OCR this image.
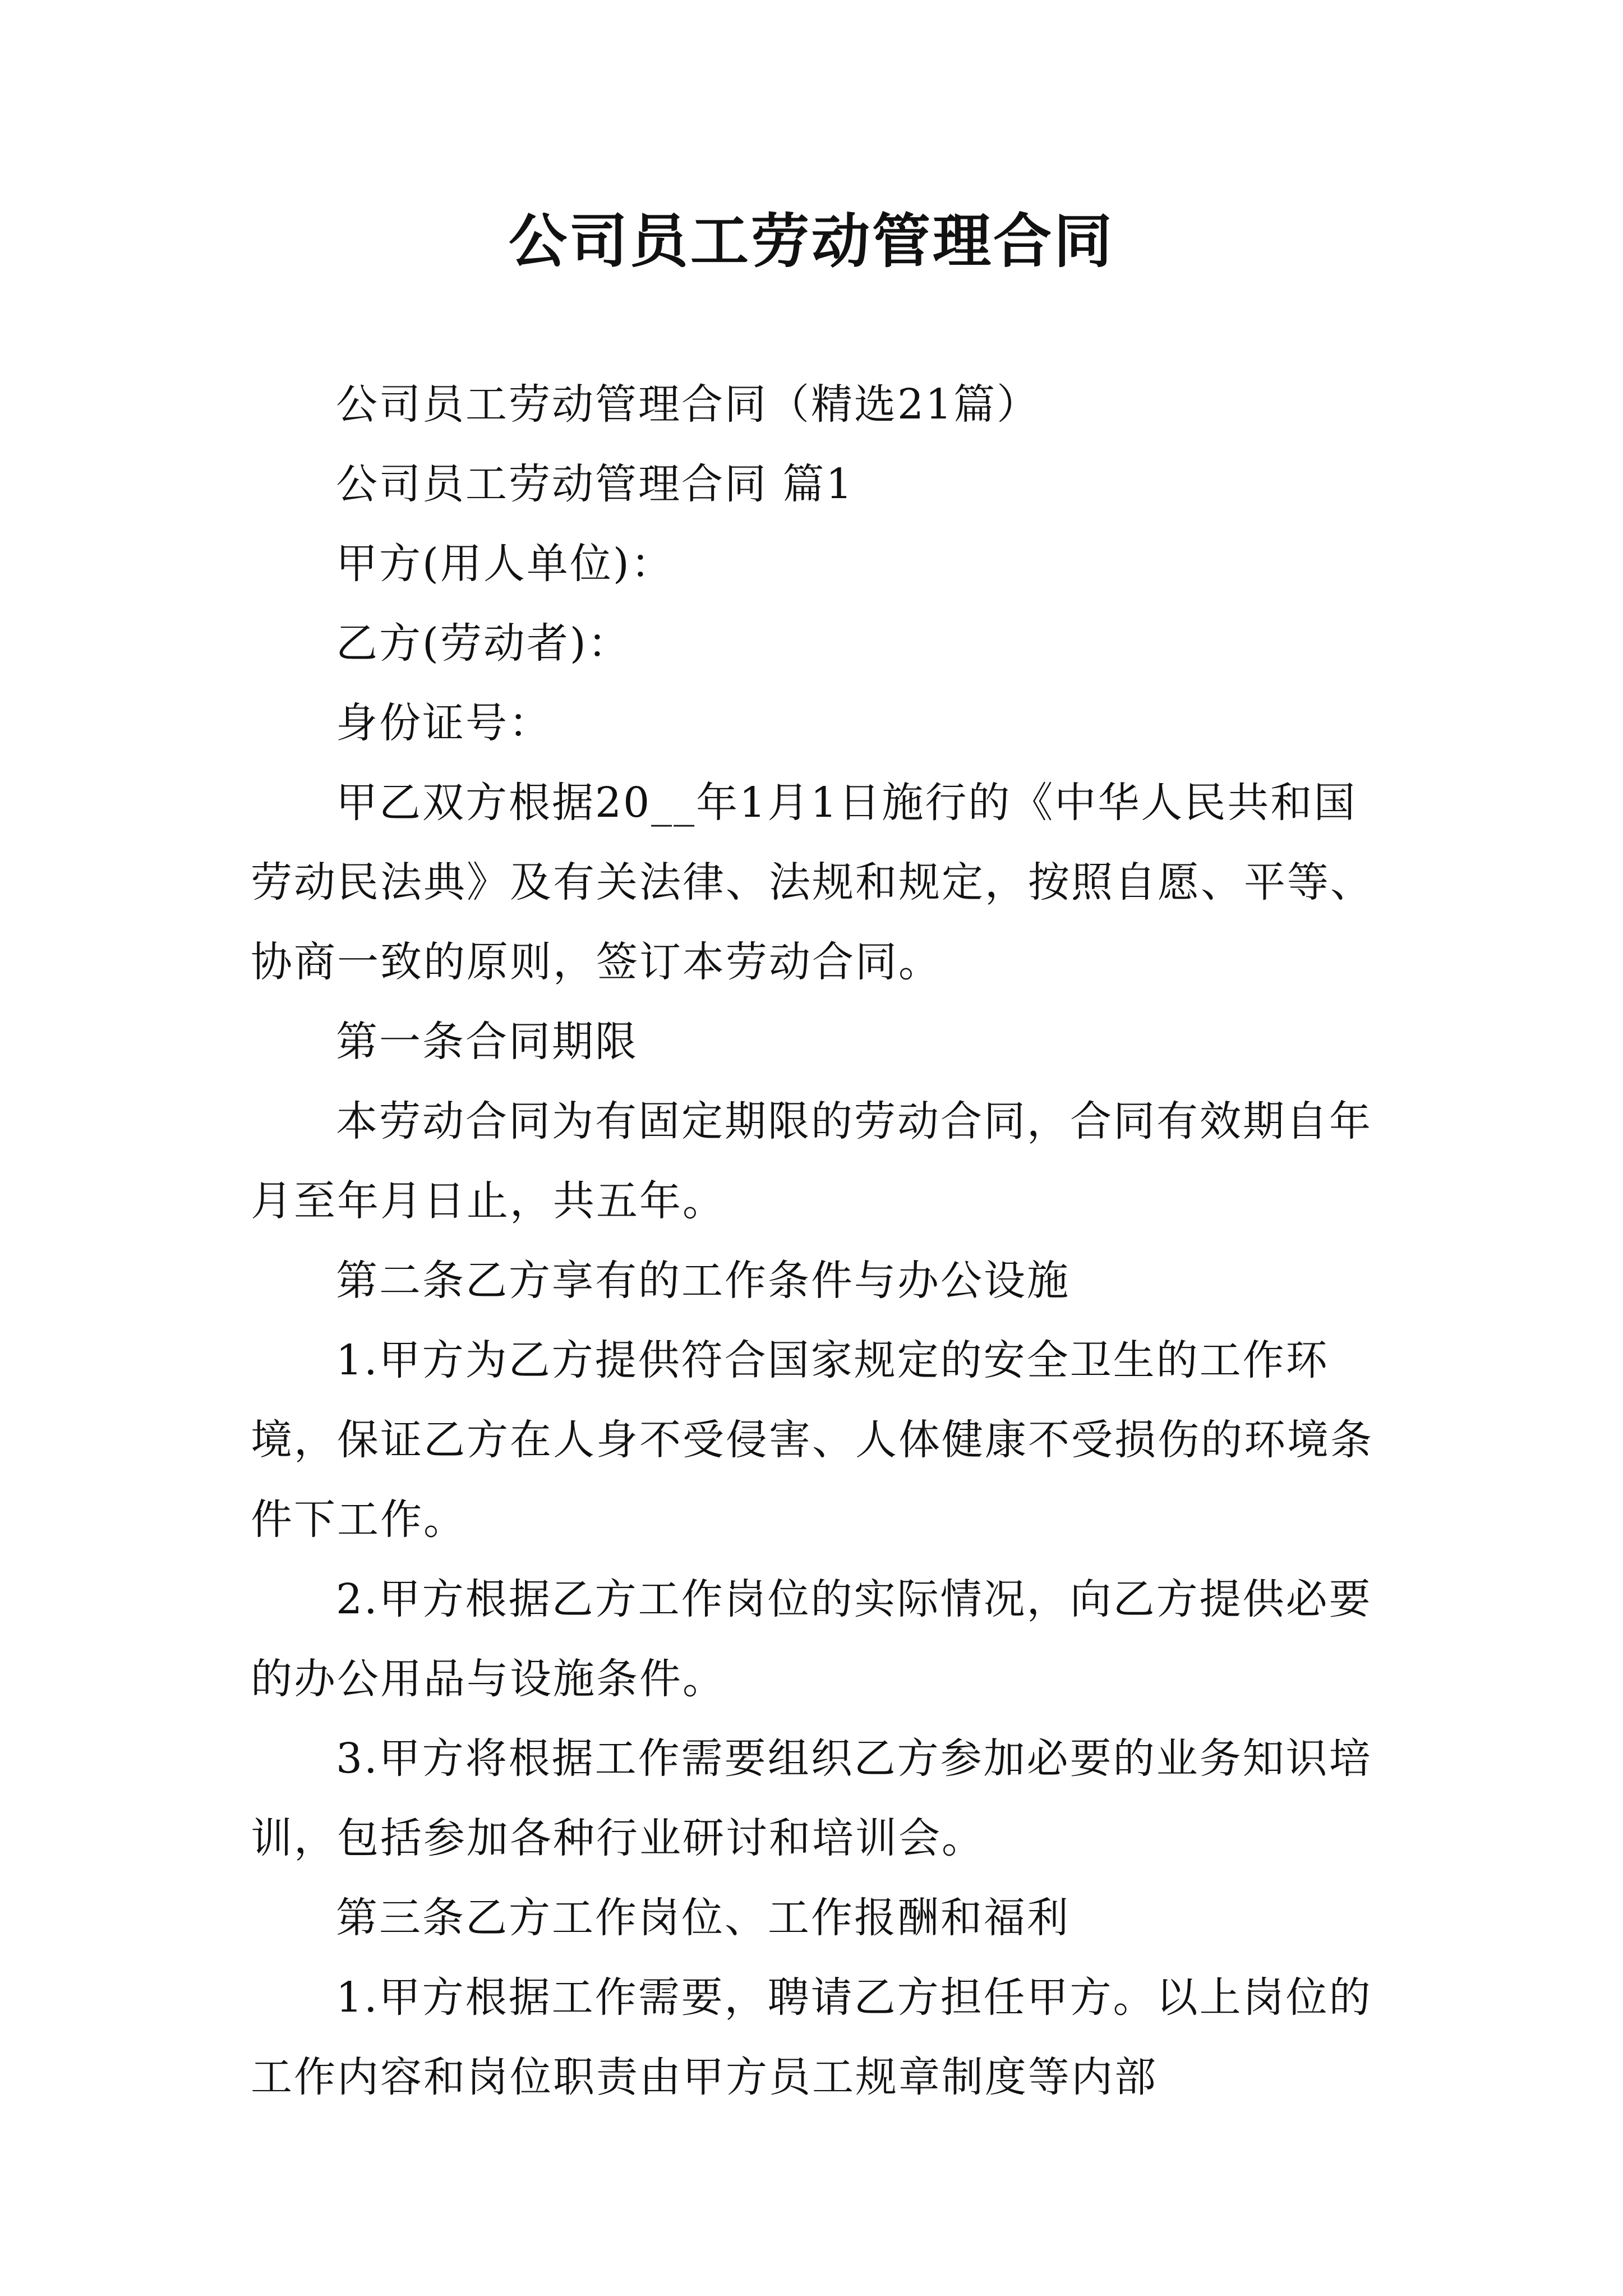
公司员工劳动管理合同

公司员工劳动管理合同（精选21篇）

公司员工劳动管理合同 篇1

甲方(用人单位)：

乙方(劳动者)：

身份证号：

甲乙双方根据20__年1月1日施行的《中华人民共和国劳动民法典》及有关法律、法规和规定，按照自愿、平等、协商一致的原则，签订本劳动合同。

第一条合同期限

本劳动合同为有固定期限的劳动合同，合同有效期自年月至年月日止，共五年。

第二条乙方享有的工作条件与办公设施

1.甲方为乙方提供符合国家规定的安全卫生的工作环境，保证乙方在人身不受侵害、人体健康不受损伤的环境条件下工作。

2.甲方根据乙方工作岗位的实际情况，向乙方提供必要的办公用品与设施条件。

3.甲方将根据工作需要组织乙方参加必要的业务知识培训，包括参加各种行业研讨和培训会。

第三条乙方工作岗位、工作报酬和福利

1.甲方根据工作需要，聘请乙方担任甲方。以上岗位的工作内容和岗位职责由甲方员工规章制度等内部
